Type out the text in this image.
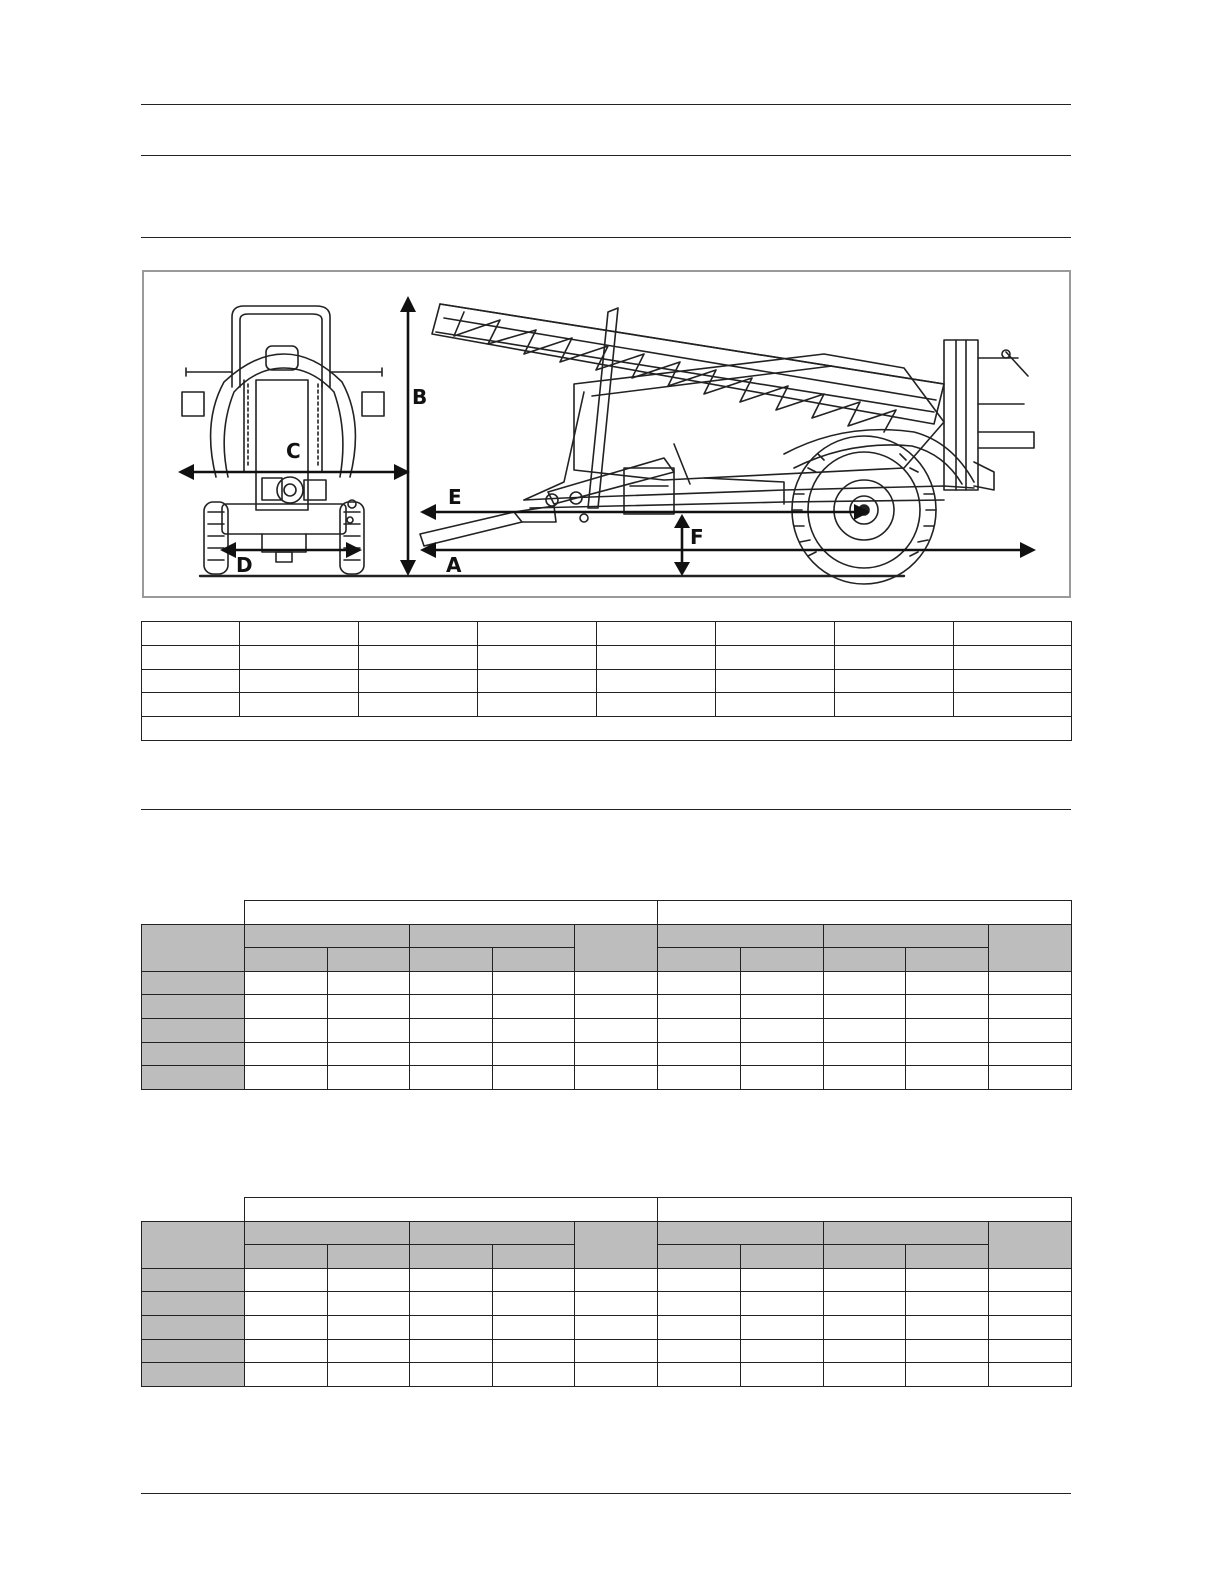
C
D
B
E
A
F
